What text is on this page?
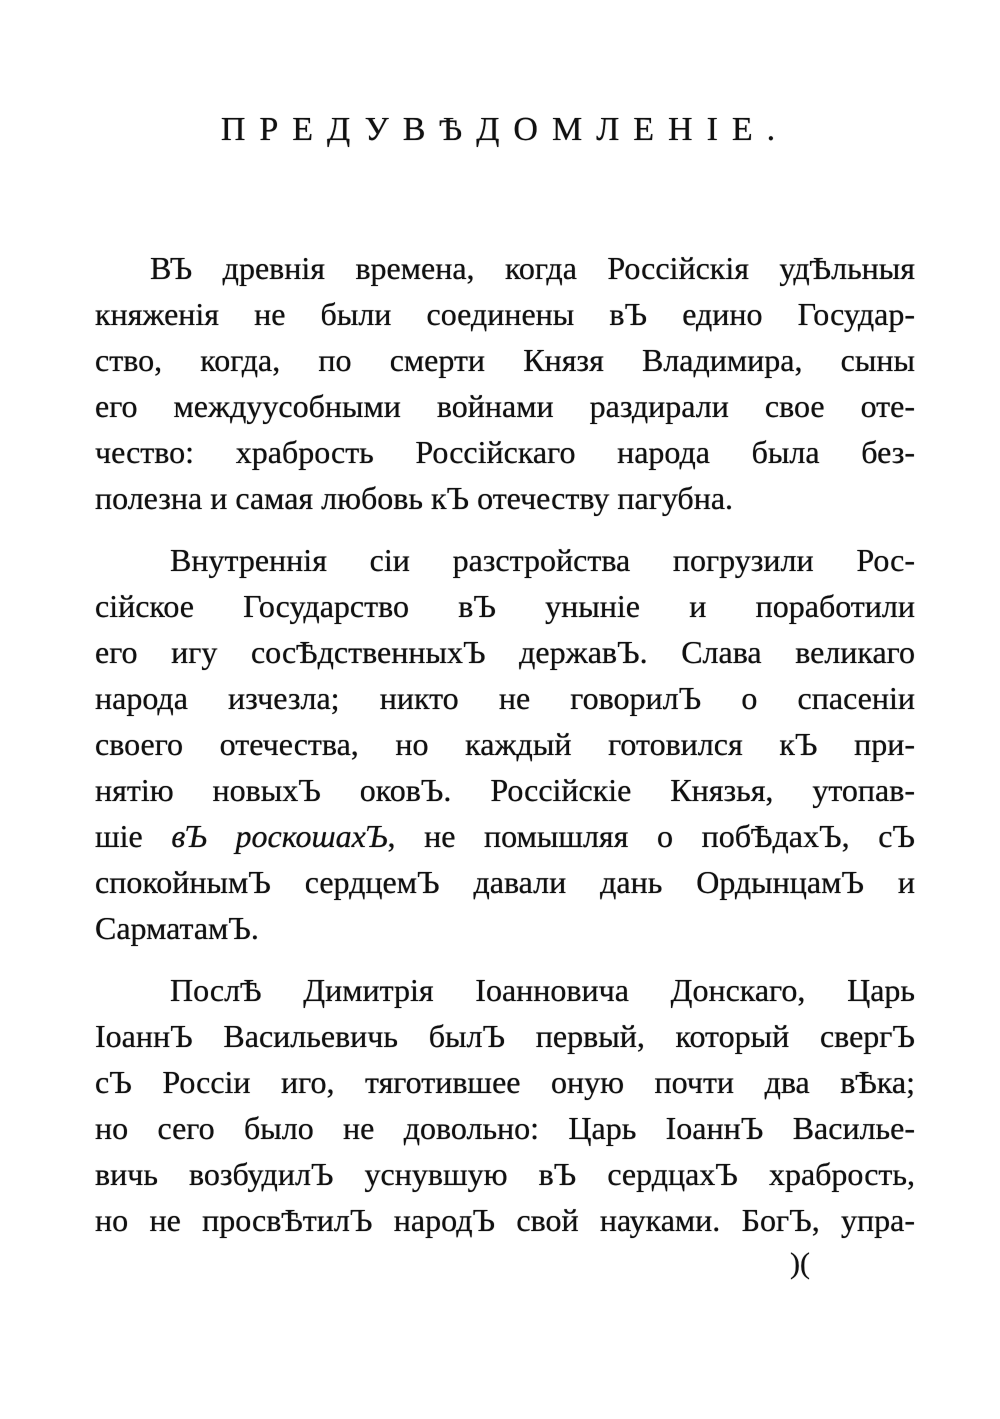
ПРЕДУВѢДОМЛЕНІЕ.
ВЪ древнія времена, когда Россійскія удѢльныя
княженія не были соединены вЪ едино Государ-
ство, когда, по смерти Князя Владимира, сыны
его междуусобными войнами раздирали свое оте-
чество: храбрость Россійскаго народа была без-
полезна и самая любовь кЪ отечеству пагубна.
Внутреннія сіи разстройства погрузили Рос-
сійское Государство вЪ уныніе и поработили
его игу сосѢдственныхЪ державЪ. Слава великаго
народа изчезла; никто не говорилЪ о спасеніи
своего отечества, но каждый готовился кЪ при-
нятію новыхЪ оковЪ. Россійскіе Князья, утопав-
шіе вЪ роскошахЪ, не помышляя о побѢдахЪ, сЪ
спокойнымЪ сердцемЪ давали дань ОрдынцамЪ и
СарматамЪ.
ПослѢ Димитрія Іоанновича Донскаго, Царь
ІоаннЪ Васильевичь былЪ первый, который свергЪ
сЪ Россіи иго, тяготившее оную почти два вѢка;
но сего было не довольно: Царь ІоаннЪ Василье-
вичь возбудилЪ уснувшую вЪ сердцахЪ храбрость,
но не просвѢтилЪ народЪ свой науками. БогЪ, упра-
)(
